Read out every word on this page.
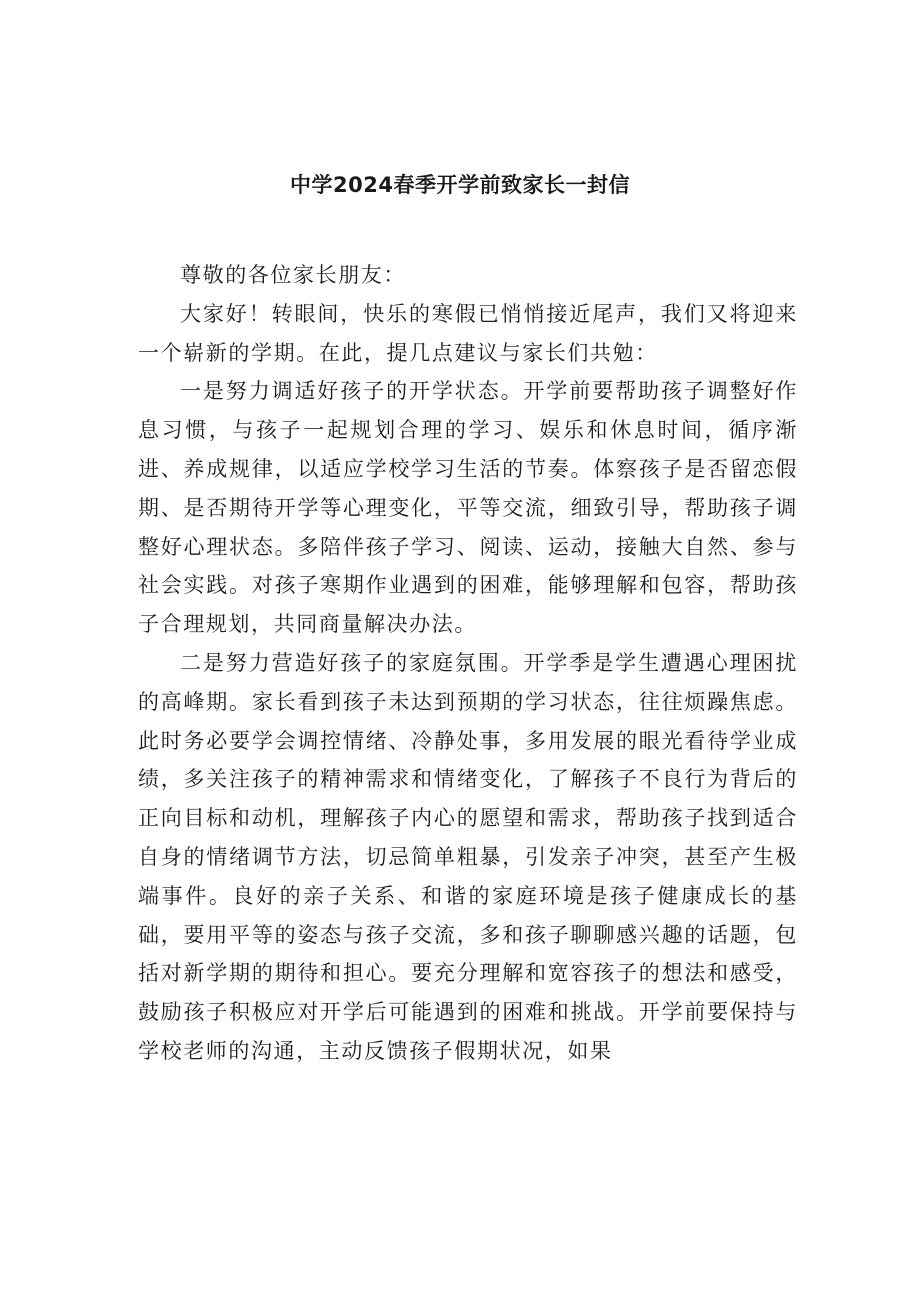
中学2024春季开学前致家长一封信

尊敬的各位家长朋友：

大家好！转眼间，快乐的寒假已悄悄接近尾声，我们又将迎来一个崭新的学期。在此，提几点建议与家长们共勉：

一是努力调适好孩子的开学状态。开学前要帮助孩子调整好作息习惯，与孩子一起规划合理的学习、娱乐和休息时间，循序渐进、养成规律，以适应学校学习生活的节奏。体察孩子是否留恋假期、是否期待开学等心理变化，平等交流，细致引导，帮助孩子调整好心理状态。多陪伴孩子学习、阅读、运动，接触大自然、参与社会实践。对孩子寒期作业遇到的困难，能够理解和包容，帮助孩子合理规划，共同商量解决办法。

二是努力营造好孩子的家庭氛围。开学季是学生遭遇心理困扰的高峰期。家长看到孩子未达到预期的学习状态，往往烦躁焦虑。此时务必要学会调控情绪、冷静处事，多用发展的眼光看待学业成绩，多关注孩子的精神需求和情绪变化，了解孩子不良行为背后的正向目标和动机，理解孩子内心的愿望和需求，帮助孩子找到适合自身的情绪调节方法，切忌简单粗暴，引发亲子冲突，甚至产生极端事件。良好的亲子关系、和谐的家庭环境是孩子健康成长的基础，要用平等的姿态与孩子交流，多和孩子聊聊感兴趣的话题，包括对新学期的期待和担心。要充分理解和宽容孩子的想法和感受，鼓励孩子积极应对开学后可能遇到的困难和挑战。开学前要保持与学校老师的沟通，主动反馈孩子假期状况，如果
